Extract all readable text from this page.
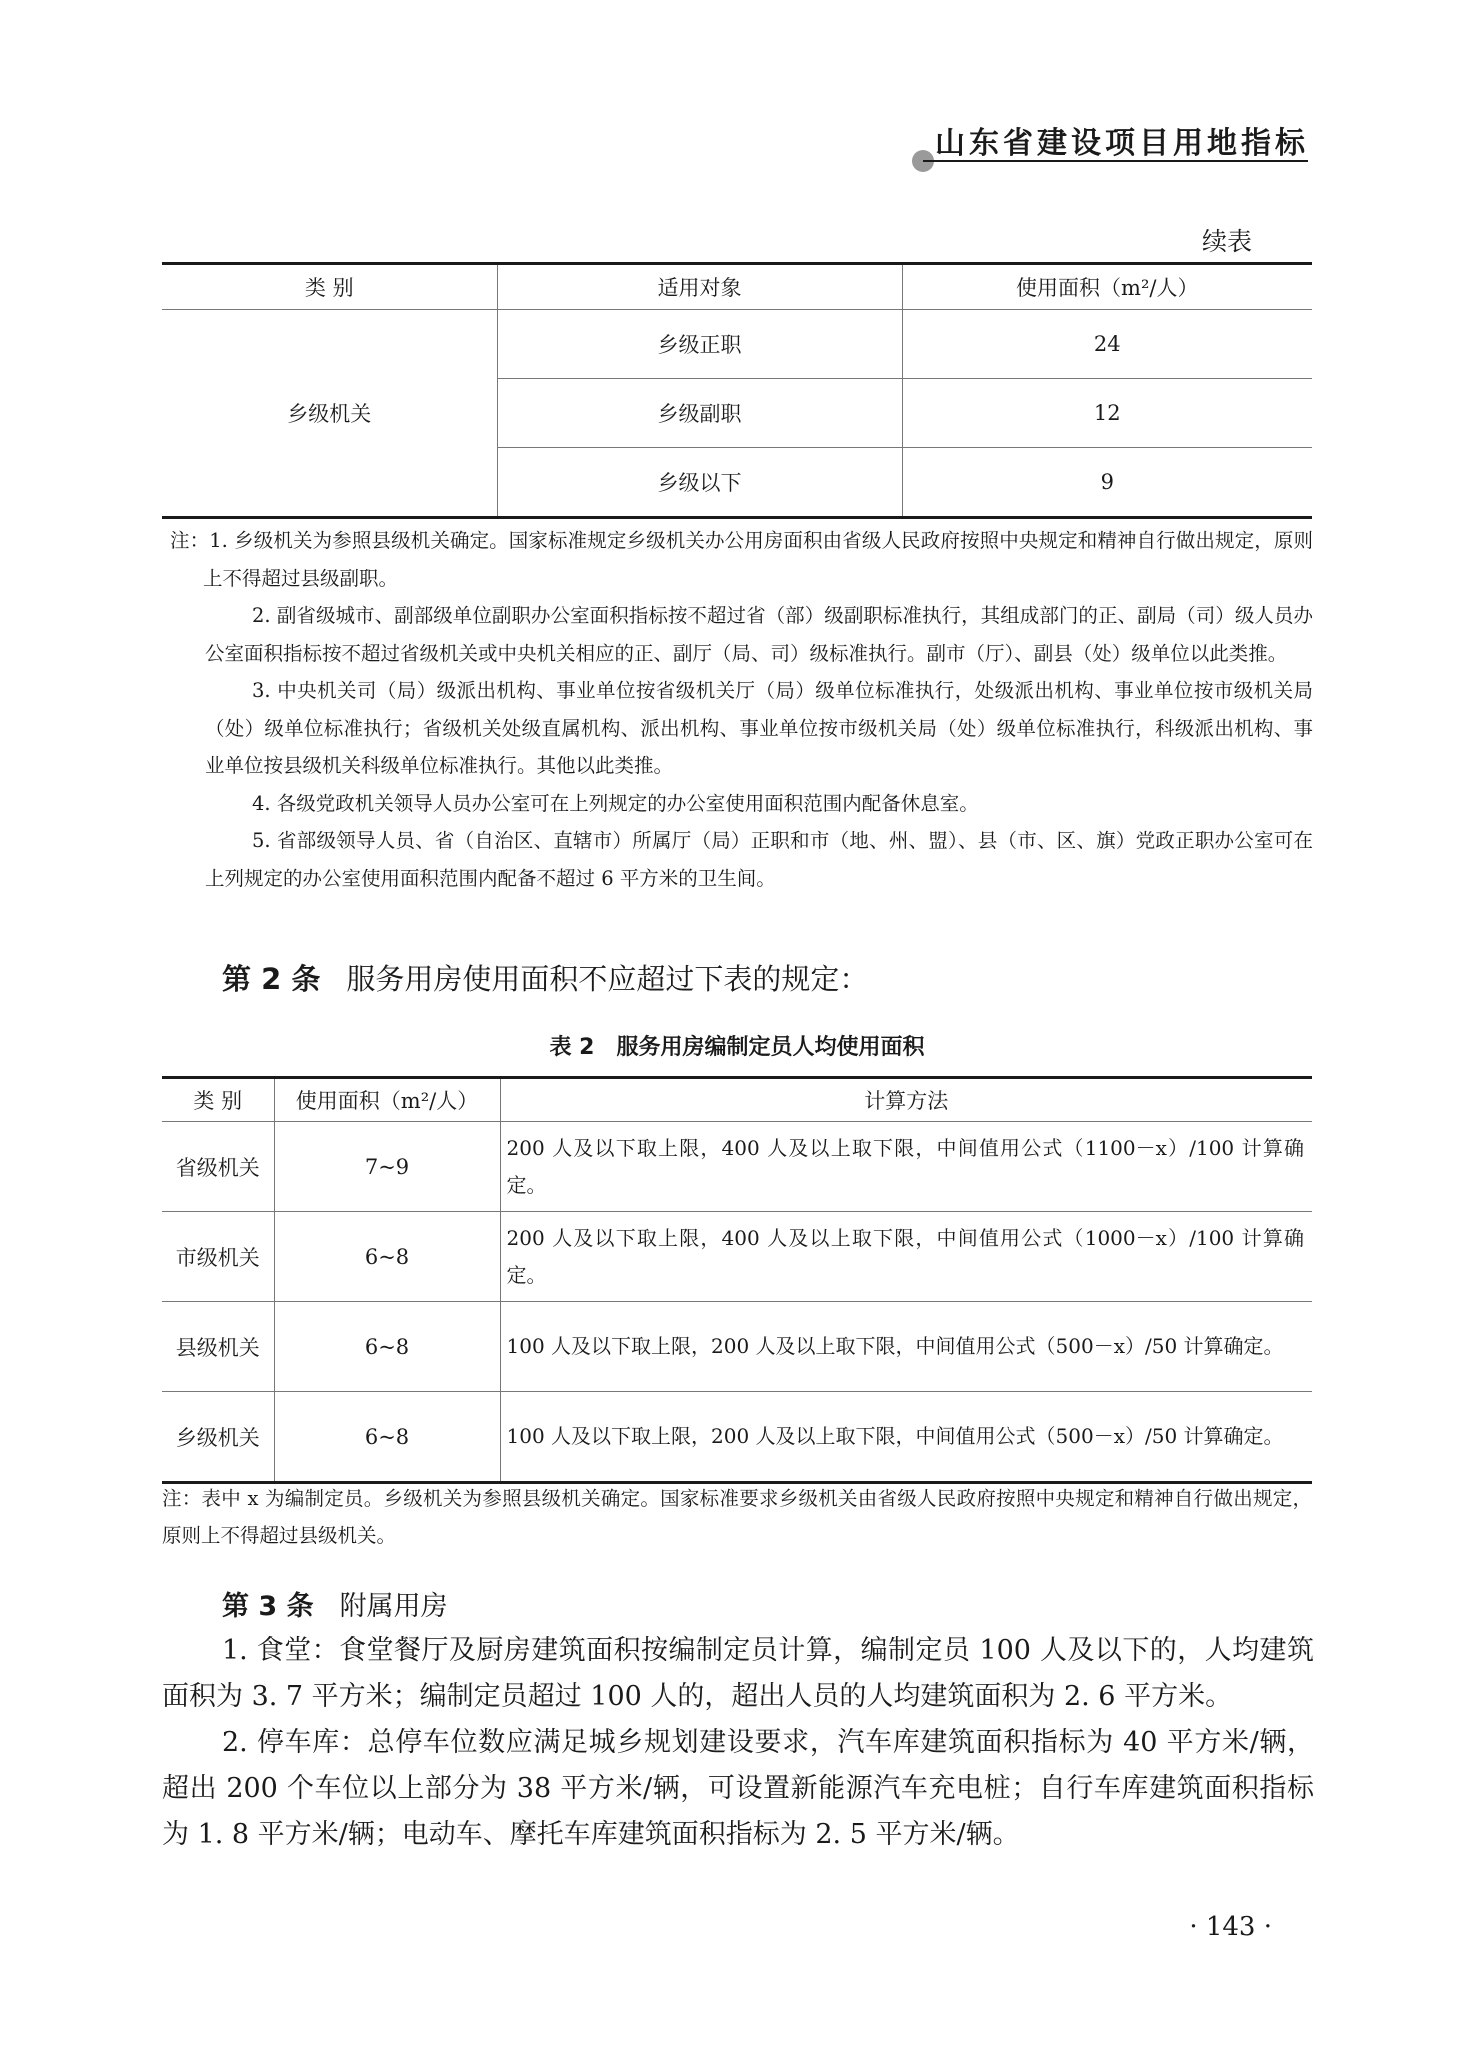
山东省建设项目用地指标
续表
类 别	适用对象	使用面积（m²/人）
乡级机关	乡级正职	24
	乡级副职	12
	乡级以下	9

注：1. 乡级机关为参照县级机关确定。国家标准规定乡级机关办公用房面积由省级人民政府按照中央规定和精神自行做出规定，原则上不得超过县级副职。

2. 副省级城市、副部级单位副职办公室面积指标按不超过省（部）级副职标准执行，其组成部门的正、副局（司）级人员办公室面积指标按不超过省级机关或中央机关相应的正、副厅（局、司）级标准执行。副市（厅）、副县（处）级单位以此类推。

3. 中央机关司（局）级派出机构、事业单位按省级机关厅（局）级单位标准执行，处级派出机构、事业单位按市级机关局（处）级单位标准执行；省级机关处级直属机构、派出机构、事业单位按市级机关局（处）级单位标准执行，科级派出机构、事业单位按县级机关科级单位标准执行。其他以此类推。

4. 各级党政机关领导人员办公室可在上列规定的办公室使用面积范围内配备休息室。

5. 省部级领导人员、省（自治区、直辖市）所属厅（局）正职和市（地、州、盟）、县（市、区、旗）党政正职办公室可在上列规定的办公室使用面积范围内配备不超过 6 平方米的卫生间。

第 2 条 服务用房使用面积不应超过下表的规定：
表 2　服务用房编制定员人均使用面积
类 别	使用面积（m²/人）	计算方法
省级机关	7~9	200 人及以下取上限，400 人及以上取下限，中间值用公式（1100－x）/100 计算确定。
市级机关	6~8	200 人及以下取上限，400 人及以上取下限，中间值用公式（1000－x）/100 计算确定。
县级机关	6~8	100 人及以下取上限，200 人及以上取下限，中间值用公式（500－x）/50 计算确定。
乡级机关	6~8	100 人及以下取上限，200 人及以上取下限，中间值用公式（500－x）/50 计算确定。

注：表中 x 为编制定员。乡级机关为参照县级机关确定。国家标准要求乡级机关由省级人民政府按照中央规定和精神自行做出规定，原则上不得超过县级机关。

第 3 条 附属用房

1. 食堂：食堂餐厅及厨房建筑面积按编制定员计算，编制定员 100 人及以下的，人均建筑面积为 3. 7 平方米；编制定员超过 100 人的，超出人员的人均建筑面积为 2. 6 平方米。

2. 停车库：总停车位数应满足城乡规划建设要求，汽车库建筑面积指标为 40 平方米/辆，超出 200 个车位以上部分为 38 平方米/辆，可设置新能源汽车充电桩；自行车库建筑面积指标为 1. 8 平方米/辆；电动车、摩托车库建筑面积指标为 2. 5 平方米/辆。

· 143 ·
